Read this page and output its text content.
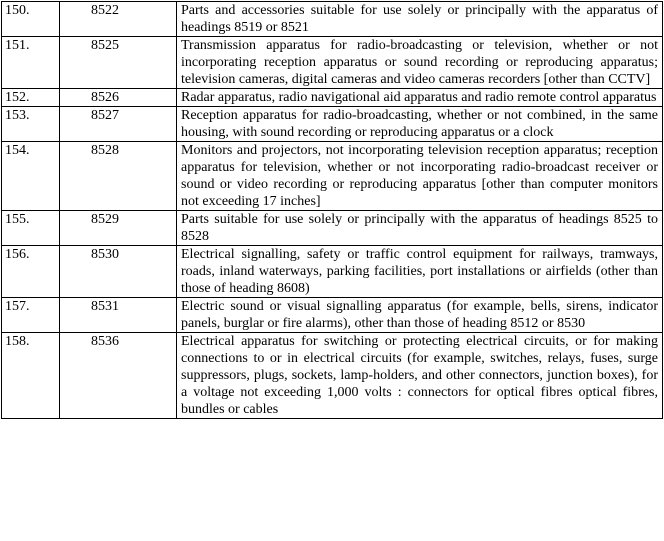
150.	8522	Parts and accessories suitable for use solely or principally with the apparatus of headings 8519 or 8521
151.	8525	Transmission apparatus for radio-broadcasting or television, whether or not incorporating reception apparatus or sound recording or reproducing apparatus; television cameras, digital cameras and video cameras recorders [other than CCTV]
152.	8526	Radar apparatus, radio navigational aid apparatus and radio remote control apparatus
153.	8527	Reception apparatus for radio-broadcasting, whether or not combined, in the same housing, with sound recording or reproducing apparatus or a clock
154.	8528	Monitors and projectors, not incorporating television reception apparatus; reception apparatus for television, whether or not incorporating radio-broadcast receiver or sound or video recording or reproducing apparatus [other than computer monitors not exceeding 17 inches]
155.	8529	Parts suitable for use solely or principally with the apparatus of headings 8525 to 8528
156.	8530	Electrical signalling, safety or traffic control equipment for railways, tramways, roads, inland waterways, parking facilities, port installations or airfields (other than those of heading 8608)
157.	8531	Electric sound or visual signalling apparatus (for example, bells, sirens, indicator panels, burglar or fire alarms), other than those of heading 8512 or 8530
158.	8536	Electrical apparatus for switching or protecting electrical circuits, or for making connections to or in electrical circuits (for example, switches, relays, fuses, surge suppressors, plugs, sockets, lamp-holders, and other connectors, junction boxes), for a voltage not exceeding 1,000 volts : connectors for optical fibres optical fibres, bundles or cables
